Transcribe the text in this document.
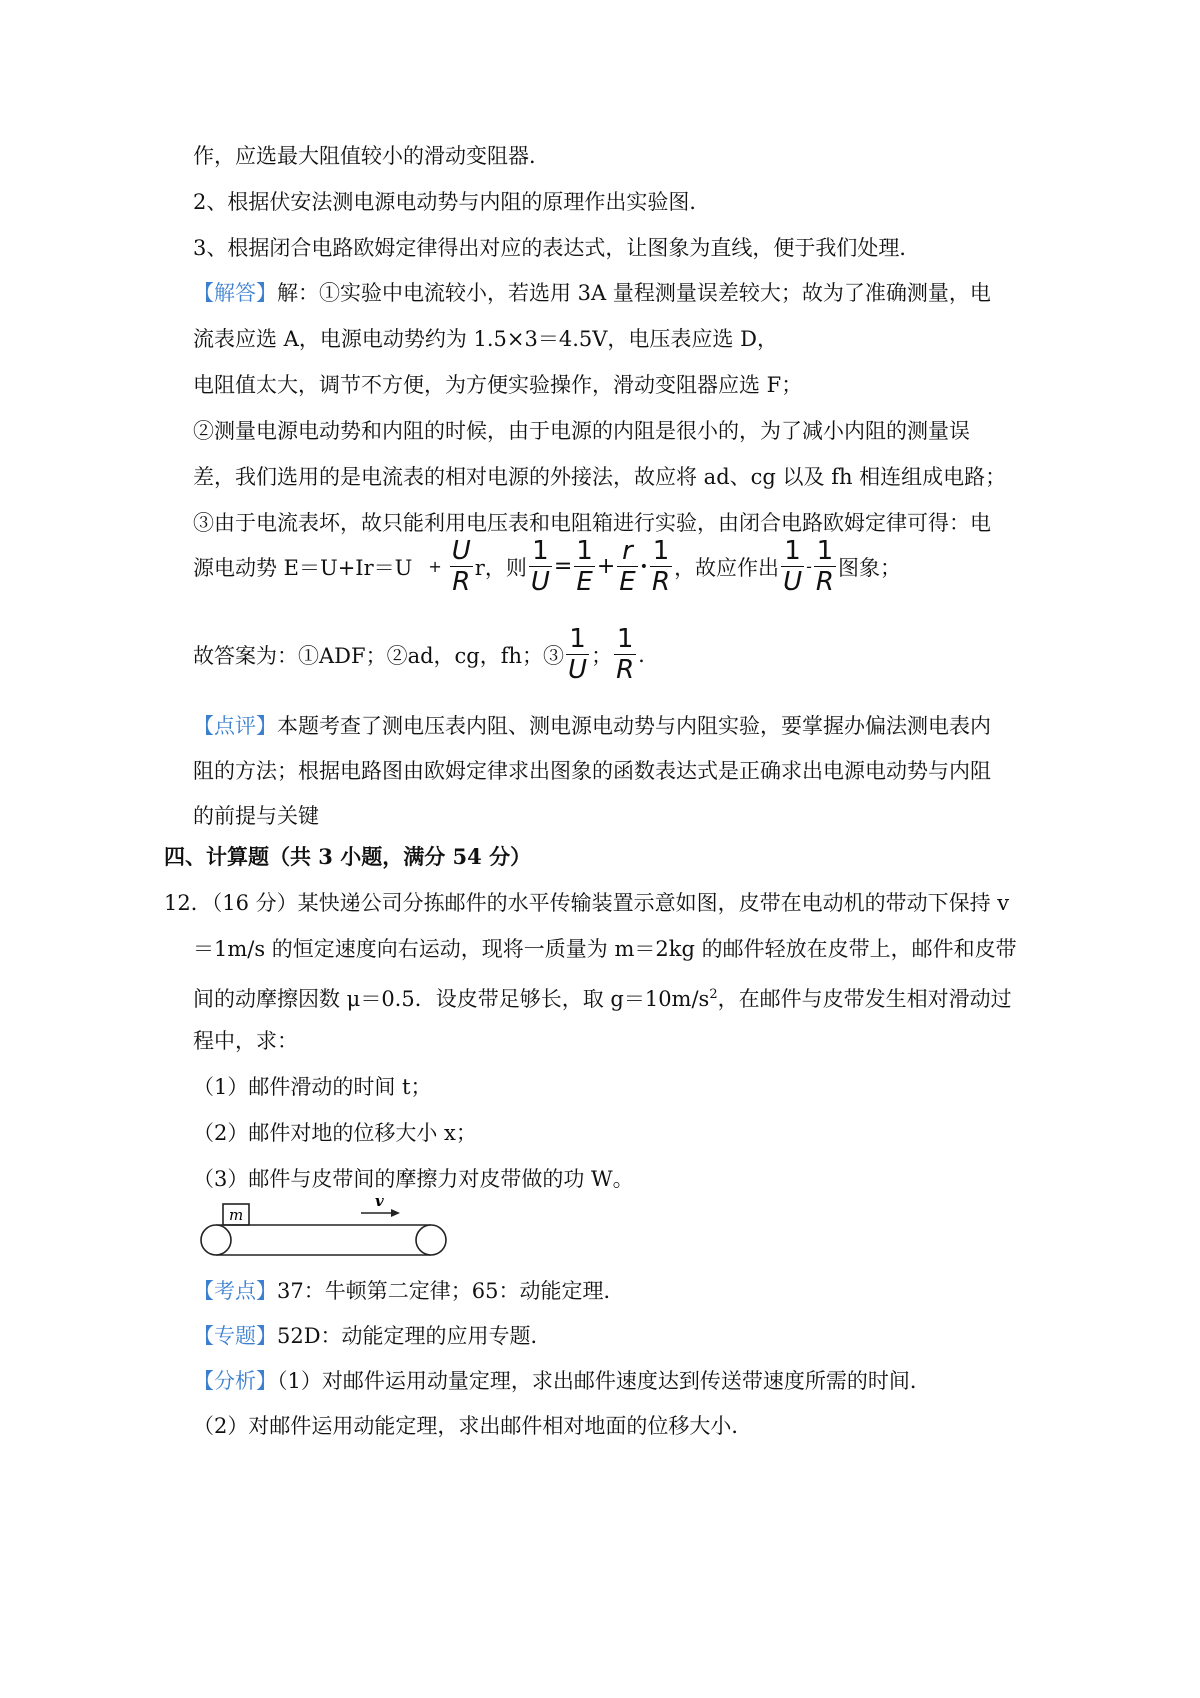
作，应选最大阻值较小的滑动变阻器．
2、根据伏安法测电源电动势与内阻的原理作出实验图．
3、根据闭合电路欧姆定律得出对应的表达式，让图象为直线，便于我们处理．
【解答】解：①实验中电流较小，若选用 3A 量程测量误差较大；故为了准确测量，电
流表应选 A，电源电动势约为 1.5×3＝4.5V，电压表应选 D，
电阻值太大，调节不方便，为方便实验操作，滑动变阻器应选 F；
②测量电源电动势和内阻的时候，由于电源的内阻是很小的，为了减小内阻的测量误
差，我们选用的是电流表的相对电源的外接法，故应将 ad、cg 以及 fh 相连组成电路；
③由于电流表坏，故只能利用电压表和电阻箱进行实验，由闭合电路欧姆定律可得：电
源电动势 $E=U+Ir=U + \frac{U}{R}$ r，则 $\frac{1}{U} = \frac{1}{E} + \frac{r}{E}$ • $\frac{1}{R}$ ，故应作出 $\frac{1}{U} - \frac{1}{R}$ 图象；
故答案为：①ADF；②ad，cg，fh；③ $\frac{1}{U}$ ； $\frac{1}{R}$ .
【点评】本题考查了测电压表内阻、测电源电动势与内阻实验，要掌握办偏法测电表内
阻的方法；根据电路图由欧姆定律求出图象的函数表达式是正确求出电源电动势与内阻
的前提与关键
四、计算题（共 3 小题，满分 54 分）
12．（16 分）某快递公司分拣邮件的水平传输装置示意如图，皮带在电动机的带动下保持 v
＝1m/s 的恒定速度向右运动，现将一质量为 m＝2kg 的邮件轻放在皮带上，邮件和皮带
间的动摩擦因数 μ＝0.5．设皮带足够长，取 $g=10m/s^2$，在邮件与皮带发生相对滑动过
程中，求：
（1）邮件滑动的时间 t；
（2）邮件对地的位移大小 x；
（3）邮件与皮带间的摩擦力对皮带做的功 W。
m
v
【考点】37：牛顿第二定律；65：动能定理．
【专题】52D：动能定理的应用专题．
【分析】（1）对邮件运用动量定理，求出邮件速度达到传送带速度所需的时间．
（2）对邮件运用动能定理，求出邮件相对地面的位移大小．
